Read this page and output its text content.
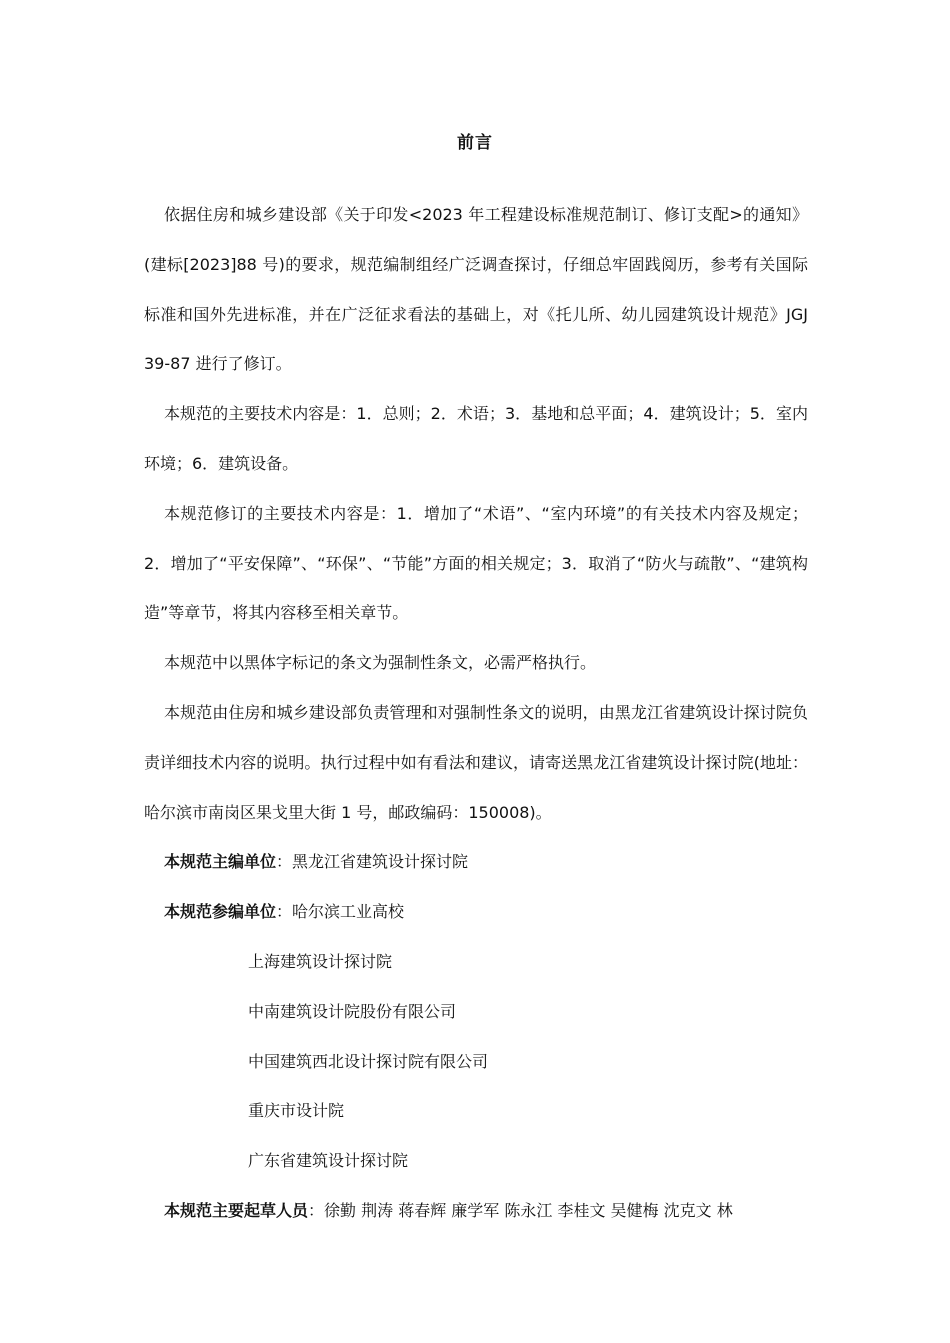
前言

依据住房和城乡建设部《关于印发<2023 年工程建设标准规范制订、修订支配>的通知》(建标[2023]88 号)的要求，规范编制组经广泛调查探讨，仔细总牢固践阅历，参考有关国际标准和国外先进标准，并在广泛征求看法的基础上，对《托儿所、幼儿园建筑设计规范》JGJ 39-87 进行了修订。

本规范的主要技术内容是：1．总则；2．术语；3．基地和总平面；4．建筑设计；5．室内环境；6．建筑设备。

本规范修订的主要技术内容是：1．增加了“术语”、“室内环境”的有关技术内容及规定；2．增加了“平安保障”、“环保”、“节能”方面的相关规定；3．取消了“防火与疏散”、“建筑构造”等章节，将其内容移至相关章节。

本规范中以黑体字标记的条文为强制性条文，必需严格执行。

本规范由住房和城乡建设部负责管理和对强制性条文的说明，由黑龙江省建筑设计探讨院负责详细技术内容的说明。执行过程中如有看法和建议，请寄送黑龙江省建筑设计探讨院(地址：哈尔滨市南岗区果戈里大街 1 号，邮政编码：150008)。

本规范主编单位：黑龙江省建筑设计探讨院

本规范参编单位：哈尔滨工业高校

上海建筑设计探讨院

中南建筑设计院股份有限公司

中国建筑西北设计探讨院有限公司

重庆市设计院

广东省建筑设计探讨院

本规范主要起草人员：徐勤 荆涛 蒋春辉 廉学军 陈永江 李桂文 吴健梅 沈克文 林
